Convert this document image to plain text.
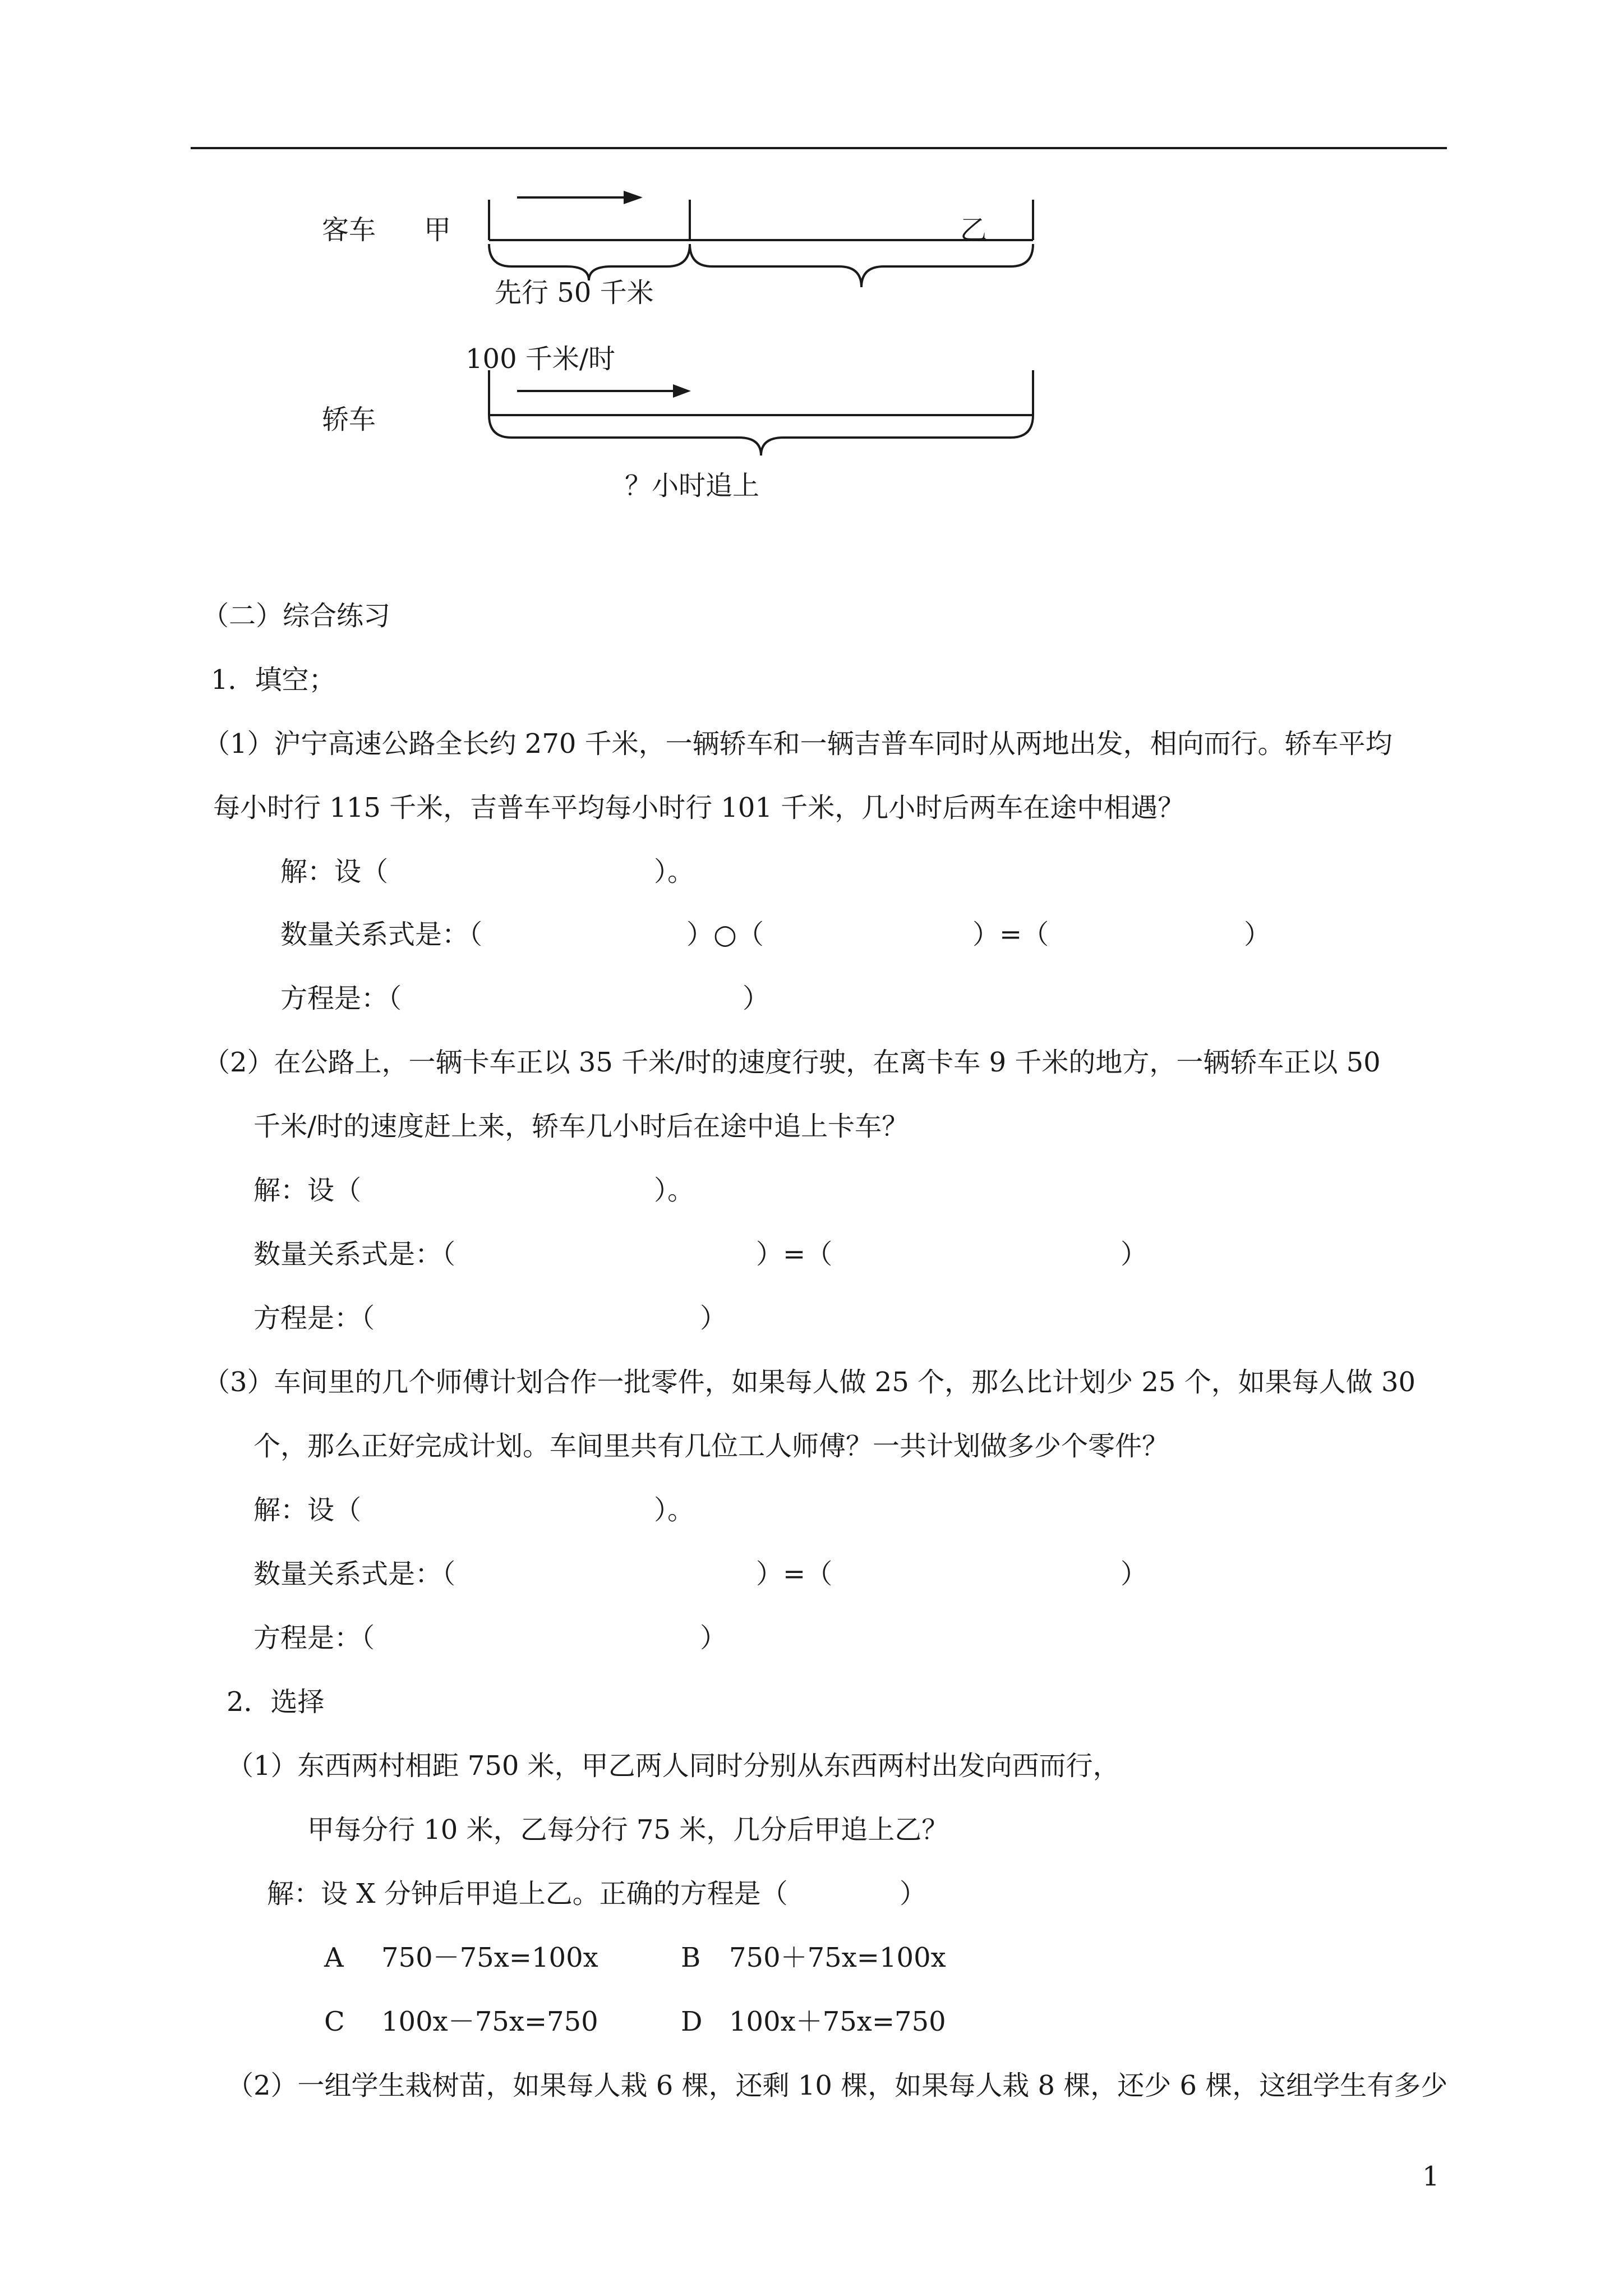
客车 甲	乙
先行 50 千米
100 千米/时
轿车
？小时追上
（二）综合练习
1．填空；
（1）沪宁高速公路全长约 270 千米，一辆轿车和一辆吉普车同时从两地出发，相向而行。轿车平均
每小时行 115 千米，吉普车平均每小时行 101 千米，几小时后两车在途中相遇？
解：设（	）。
数量关系式是：（	）○（	）=（	）
方程是：（	）
（2）在公路上，一辆卡车正以 35 千米/时的速度行驶，在离卡车 9 千米的地方，一辆轿车正以 50
千米/时的速度赶上来，轿车几小时后在途中追上卡车？
解：设（	）。
数量关系式是：（	）=（	）
方程是：（	）
（3）车间里的几个师傅计划合作一批零件，如果每人做 25 个，那么比计划少 25 个，如果每人做 30
个，那么正好完成计划。车间里共有几位工人师傅？一共计划做多少个零件？
解：设（	）。
数量关系式是：（	）=（	）
方程是：（	）
2．选择
（1）东西两村相距 750 米，甲乙两人同时分别从东西两村出发向西而行，
甲每分行 10 米，乙每分行 75 米，几分后甲追上乙？
解：设 X 分钟后甲追上乙。正确的方程是（	）
A 750－75x=100x	B 750＋75x=100x
C 100x－75x=750	D 100x＋75x=750
（2）一组学生栽树苗，如果每人栽 6 棵，还剩 10 棵，如果每人栽 8 棵，还少 6 棵，这组学生有多少
1
